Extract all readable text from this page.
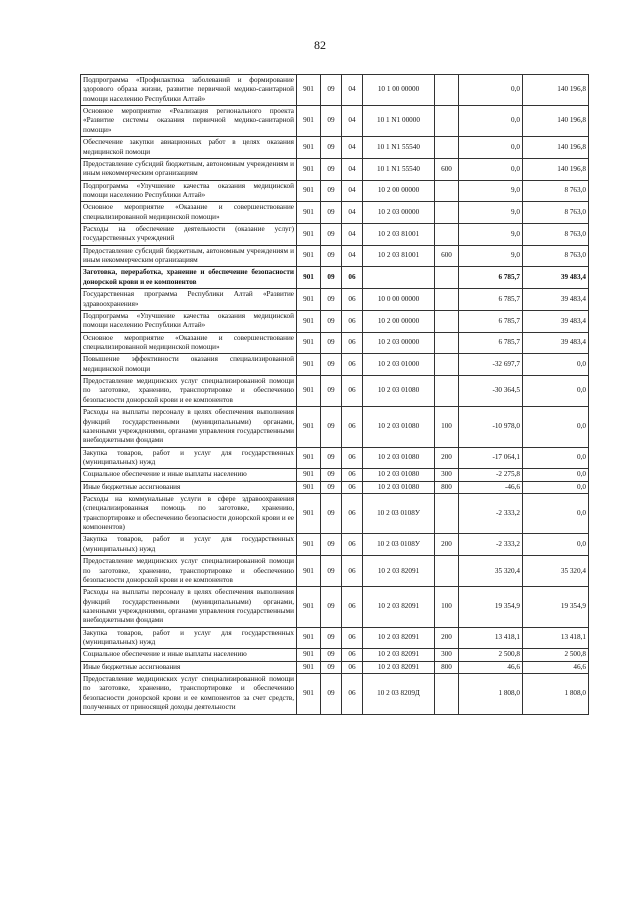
82
Подпрограмма «Профилактика заболеваний и формирование здорового образа жизни, развитие первичной медико-санитарной помощи населению Республики Алтай»	901	09	04	10 1 00 00000		0,0	140 196,8
Основное мероприятие «Реализация регионального проекта «Развитие системы оказания первичной медико-санитарной помощи»	901	09	04	10 1 N1 00000		0,0	140 196,8
Обеспечение закупки авиационных работ в целях оказания медицинской помощи	901	09	04	10 1 N1 55540		0,0	140 196,8
Предоставление субсидий бюджетным, автономным учреждениям и иным некоммерческим организациям	901	09	04	10 1 N1 55540	600	0,0	140 196,8
Подпрограмма «Улучшение качества оказания медицинской помощи населению Республики Алтай»	901	09	04	10 2 00 00000		9,0	8 763,0
Основное мероприятие «Оказание и совершенствование специализированной медицинской помощи»	901	09	04	10 2 03 00000		9,0	8 763,0
Расходы на обеспечение деятельности (оказание услуг) государственных учреждений	901	09	04	10 2 03 81001		9,0	8 763,0
Предоставление субсидий бюджетным, автономным учреждениям и иным некоммерческим организациям	901	09	04	10 2 03 81001	600	9,0	8 763,0
Заготовка, переработка, хранение и обеспечение безопасности донорской крови и ее компонентов	901	09	06			6 785,7	39 483,4
Государственная программа Республики Алтай «Развитие здравоохранения»	901	09	06	10 0 00 00000		6 785,7	39 483,4
Подпрограмма «Улучшение качества оказания медицинской помощи населению Республики Алтай»	901	09	06	10 2 00 00000		6 785,7	39 483,4
Основное мероприятие «Оказание и совершенствование специализированной медицинской помощи»	901	09	06	10 2 03 00000		6 785,7	39 483,4
Повышение эффективности оказания специализированной медицинской помощи	901	09	06	10 2 03 01000		-32 697,7	0,0
Предоставление медицинских услуг специализированной помощи по заготовке, хранению, транспортировке и обеспечению безопасности донорской крови и ее компонентов	901	09	06	10 2 03 01080		-30 364,5	0,0
Расходы на выплаты персоналу в целях обеспечения выполнения функций государственными (муниципальными) органами, казенными учреждениями, органами управления государственными внебюджетными фондами	901	09	06	10 2 03 01080	100	-10 978,0	0,0
Закупка товаров, работ и услуг для государственных (муниципальных) нужд	901	09	06	10 2 03 01080	200	-17 064,1	0,0
Социальное обеспечение и иные выплаты населению	901	09	06	10 2 03 01080	300	-2 275,8	0,0
Иные бюджетные ассигнования	901	09	06	10 2 03 01080	800	-46,6	0,0
Расходы на коммунальные услуги в сфере здравоохранения (специализированная помощь по заготовке, хранению, транспортировке и обеспечению безопасности донорской крови и ее компонентов)	901	09	06	10 2 03 0108У		-2 333,2	0,0
Закупка товаров, работ и услуг для государственных (муниципальных) нужд	901	09	06	10 2 03 0108У	200	-2 333,2	0,0
Предоставление медицинских услуг специализированной помощи по заготовке, хранению, транспортировке и обеспечению безопасности донорской крови и ее компонентов	901	09	06	10 2 03 82091		35 320,4	35 320,4
Расходы на выплаты персоналу в целях обеспечения выполнения функций государственными (муниципальными) органами, казенными учреждениями, органами управления государственными внебюджетными фондами	901	09	06	10 2 03 82091	100	19 354,9	19 354,9
Закупка товаров, работ и услуг для государственных (муниципальных) нужд	901	09	06	10 2 03 82091	200	13 418,1	13 418,1
Социальное обеспечение и иные выплаты населению	901	09	06	10 2 03 82091	300	2 500,8	2 500,8
Иные бюджетные ассигнования	901	09	06	10 2 03 82091	800	46,6	46,6
Предоставление медицинских услуг специализированной помощи по заготовке, хранению, транспортировке и обеспечению безопасности донорской крови и ее компонентов за счет средств, полученных от приносящей доходы деятельности	901	09	06	10 2 03 8209Д		1 808,0	1 808,0
